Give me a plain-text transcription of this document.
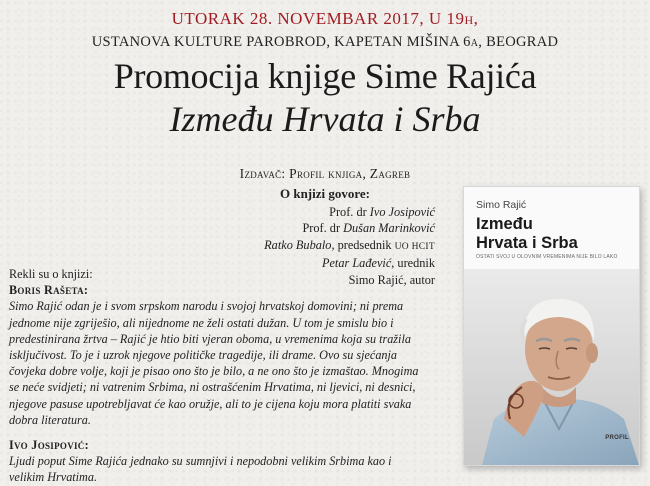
UTORAK 28. NOVEMBAR 2017, U 19h,
USTANOVA KULTURE PAROBROD, KAPETAN MIŠINA 6a, BEOGRAD
Promocija knjige Sime Rajića
Između Hrvata i Srba
Izdavač: Profil knjiga, Zagreb
O knjizi govore:
Prof. dr Ivo Josipović
Prof. dr Dušan Marinković
Ratko Bubalo, predsednik UO HCIT
Petar Lađević, urednik
Simo Rajić, autor
Rekli su o knjizi:
Boris Rašeta:
Simo Rajić odan je i svom srpskom narodu i svojoj hrvatskoj domovini; ni prema jednome nije zgriješio, ali nijednome ne želi ostati dužan. U tom je smislu bio i predestinirana žrtva – Rajić je htio biti vjeran oboma, u vremenima koja su tražila isključivost. To je i uzrok njegove političke tragedije, ili drame. Ovo su sjećanja čovjeka dobre volje, koji je pisao ono što je bilo, a ne ono što je izmaštao. Mnogima se neće svidjeti; ni vatrenim Srbima, ni ostrašćenim Hrvatima, ni ljevici, ni desnici, njegove pasuse upotrebljavat će kao oružje, ali to je cijena koju mora platiti svaka dobra literatura.
Ivo Josipović:
Ljudi poput Sime Rajića jednako su sumnjivi i nepodobni velikim Srbima kao i velikim Hrvatima.
Simo Rajić
Između
Hrvata i Srba
OSTATI SVOJ U OLOVNIM VREMENIMA NIJE BILO LAKO
PROFIL
